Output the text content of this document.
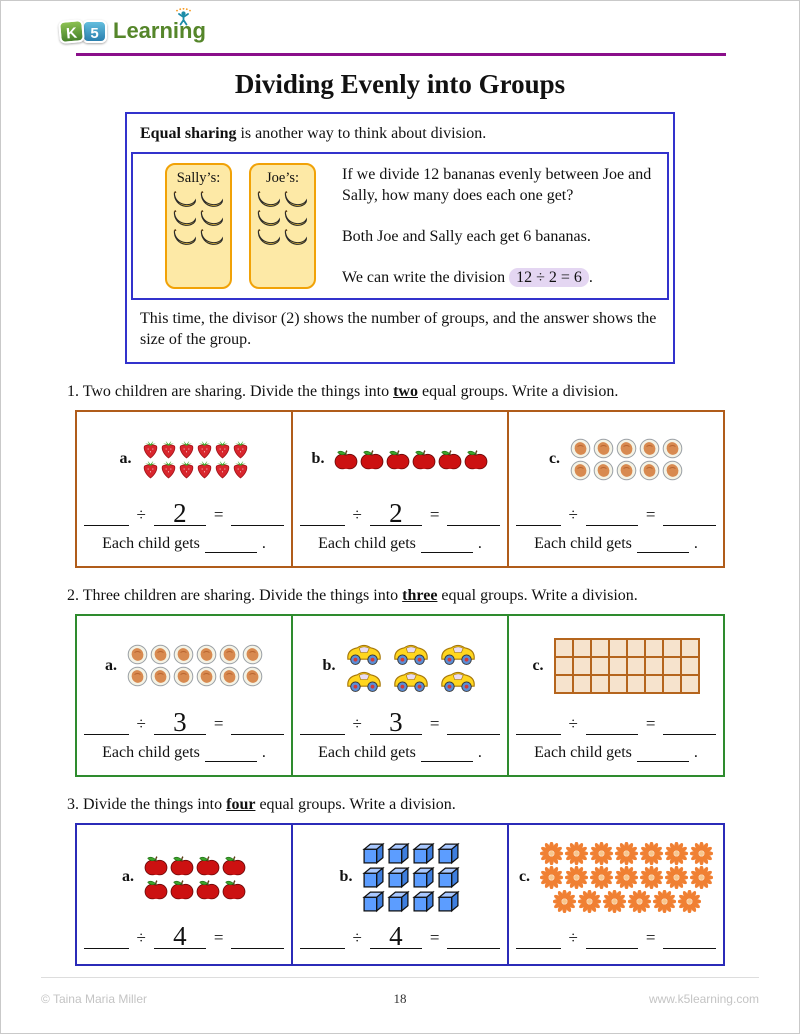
K 5 Learning
Dividing Evenly into Groups

Equal sharing is another way to think about division.

Sally’s:	Joe’s:	If we divide 12 bananas evenly between Joe and Sally, how many does each one get?

Both Joe and Sally each get 6 bananas.

We can write the division 12 ÷ 2 = 6 .

This time, the divisor (2) shows the number of groups, and the answer shows the size of the group.

1. Two children are sharing. Divide the things into two equal groups. Write a division.

a.
÷	2	=
Each child gets	.
b.
÷	2	=
Each child gets	.
c.
÷	=
Each child gets	.

2. Three children are sharing. Divide the things into three equal groups. Write a division.

a.
÷	3	=
Each child gets	.
b.
÷	3	=
Each child gets	.
c.
÷	=
Each child gets	.

3. Divide the things into four equal groups. Write a division.

a.
÷	4	=
b.
÷	4	=
c.
÷	=
© Taina Maria Miller	18	www.k5learning.com
